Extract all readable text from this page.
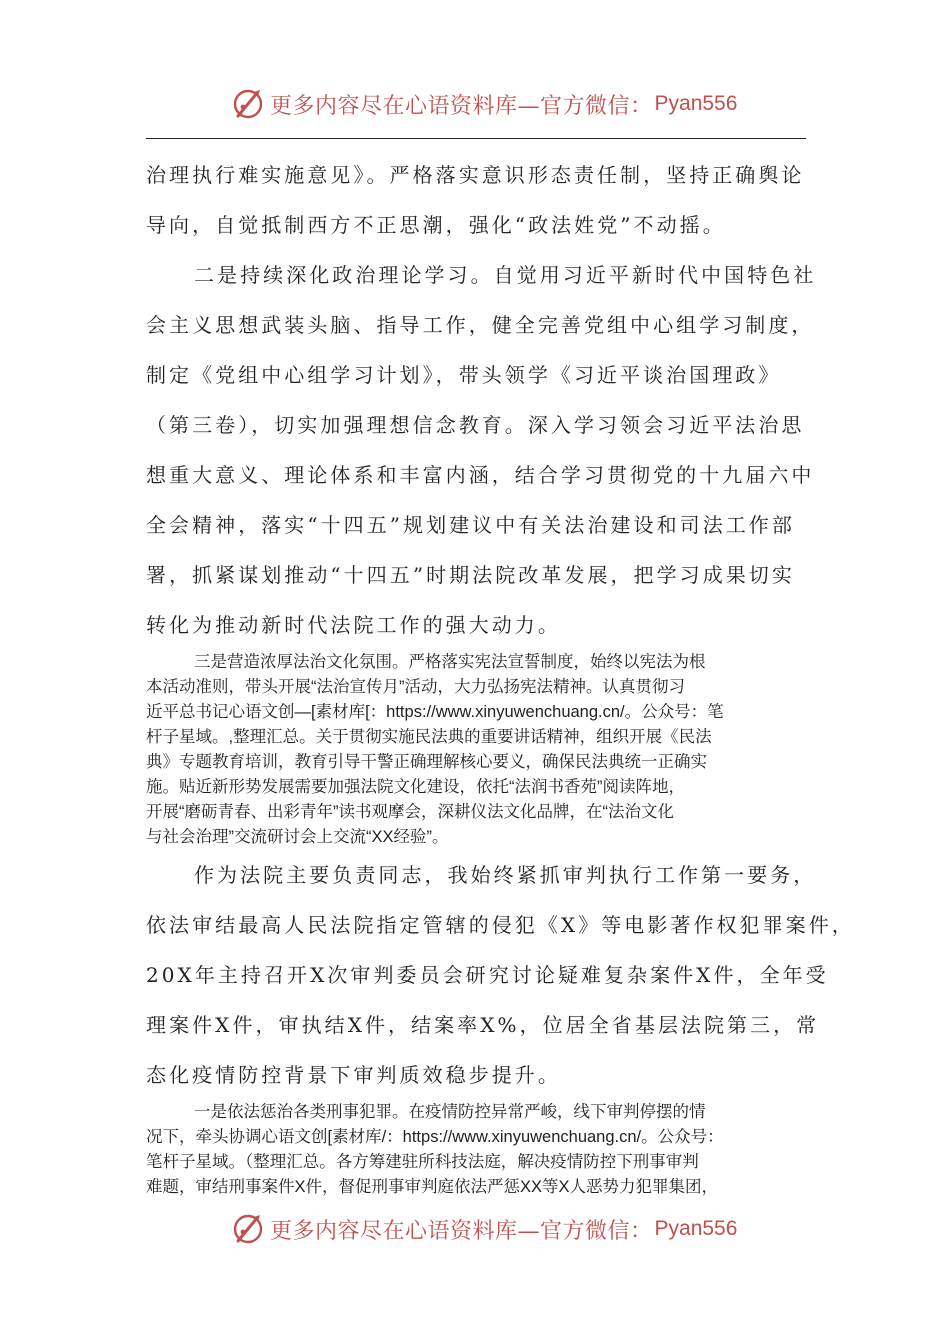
更多内容尽在心语资料库—官方微信： Pyan556

治理执行难实施意见》。严格落实意识形态责任制，坚持正确舆论
导向，自觉抵制西方不正思潮，强化“政法姓党”不动摇。

二是持续深化政治理论学习。自觉用习近平新时代中国特色社
会主义思想武装头脑、指导工作，健全完善党组中心组学习制度，
制定《党组中心组学习计划》，带头领学《习近平谈治国理政》
（第三卷），切实加强理想信念教育。深入学习领会习近平法治思
想重大意义、理论体系和丰富内涵，结合学习贯彻党的十九届六中
全会精神，落实“十四五”规划建议中有关法治建设和司法工作部
署，抓紧谋划推动“十四五”时期法院改革发展，把学习成果切实
转化为推动新时代法院工作的强大动力。

三是营造浓厚法治文化氛围。严格落实宪法宣誓制度，始终以宪法为根
本活动准则，带头开展“法治宣传月”活动，大力弘扬宪法精神。认真贯彻习
近平总书记心语文创—[素材库[：https://www.xinyuwenchuang.cn/。公众号：笔
杆子星域。,整理汇总。关于贯彻实施民法典的重要讲话精神，组织开展《民法
典》专题教育培训，教育引导干警正确理解核心要义，确保民法典统一正确实
施。贴近新形势发展需要加强法院文化建设，依托“法润书香苑”阅读阵地，
开展“磨砺青春、出彩青年”读书观摩会，深耕仪法文化品牌，在“法治文化
与社会治理”交流研讨会上交流“XX经验”。

作为法院主要负责同志，我始终紧抓审判执行工作第一要务，
依法审结最高人民法院指定管辖的侵犯《X》等电影著作权犯罪案件，
20X年主持召开X次审判委员会研究讨论疑难复杂案件X件，全年受
理案件X件，审执结X件，结案率X%，位居全省基层法院第三，常
态化疫情防控背景下审判质效稳步提升。

一是依法惩治各类刑事犯罪。在疫情防控异常严峻，线下审判停摆的情
况下，牵头协调心语文创[素材库/：https://www.xinyuwenchuang.cn/。公众号：
笔杆子星域。（整理汇总。各方筹建驻所科技法庭，解决疫情防控下刑事审判
难题，审结刑事案件X件，督促刑事审判庭依法严惩XX等X人恶势力犯罪集团，

更多内容尽在心语资料库—官方微信： Pyan556
